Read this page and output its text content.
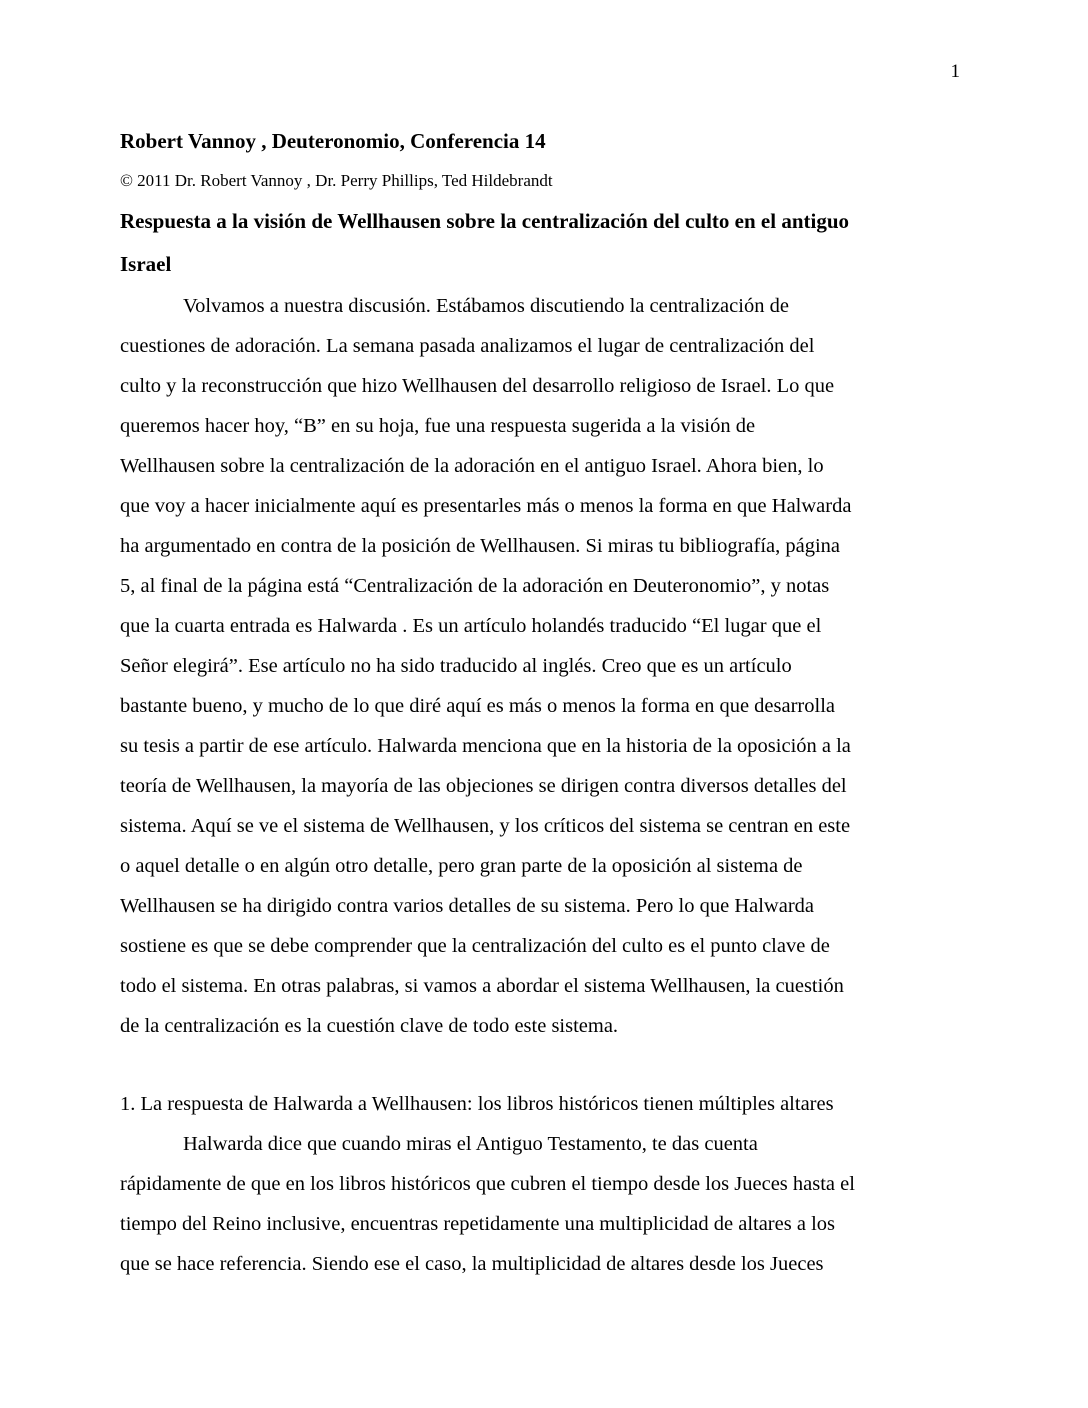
1
Robert Vannoy , Deuteronomio, Conferencia 14
© 2011 Dr. Robert Vannoy , Dr. Perry Phillips, Ted Hildebrandt
Respuesta a la visión de Wellhausen sobre la centralización del culto en el antiguo
Israel
Volvamos a nuestra discusión. Estábamos discutiendo la centralización de
cuestiones de adoración. La semana pasada analizamos el lugar de centralización del
culto y la reconstrucción que hizo Wellhausen del desarrollo religioso de Israel. Lo que
queremos hacer hoy, “B” en su hoja, fue una respuesta sugerida a la visión de
Wellhausen sobre la centralización de la adoración en el antiguo Israel. Ahora bien, lo
que voy a hacer inicialmente aquí es presentarles más o menos la forma en que Halwarda
ha argumentado en contra de la posición de Wellhausen. Si miras tu bibliografía, página
5, al final de la página está “Centralización de la adoración en Deuteronomio”, y notas
que la cuarta entrada es Halwarda . Es un artículo holandés traducido “El lugar que el
Señor elegirá”. Ese artículo no ha sido traducido al inglés. Creo que es un artículo
bastante bueno, y mucho de lo que diré aquí es más o menos la forma en que desarrolla
su tesis a partir de ese artículo. Halwarda menciona que en la historia de la oposición a la
teoría de Wellhausen, la mayoría de las objeciones se dirigen contra diversos detalles del
sistema. Aquí se ve el sistema de Wellhausen, y los críticos del sistema se centran en este
o aquel detalle o en algún otro detalle, pero gran parte de la oposición al sistema de
Wellhausen se ha dirigido contra varios detalles de su sistema. Pero lo que Halwarda
sostiene es que se debe comprender que la centralización del culto es el punto clave de
todo el sistema. En otras palabras, si vamos a abordar el sistema Wellhausen, la cuestión
de la centralización es la cuestión clave de todo este sistema.
1. La respuesta de Halwarda a Wellhausen: los libros históricos tienen múltiples altares
Halwarda dice que cuando miras el Antiguo Testamento, te das cuenta
rápidamente de que en los libros históricos que cubren el tiempo desde los Jueces hasta el
tiempo del Reino inclusive, encuentras repetidamente una multiplicidad de altares a los
que se hace referencia. Siendo ese el caso, la multiplicidad de altares desde los Jueces
